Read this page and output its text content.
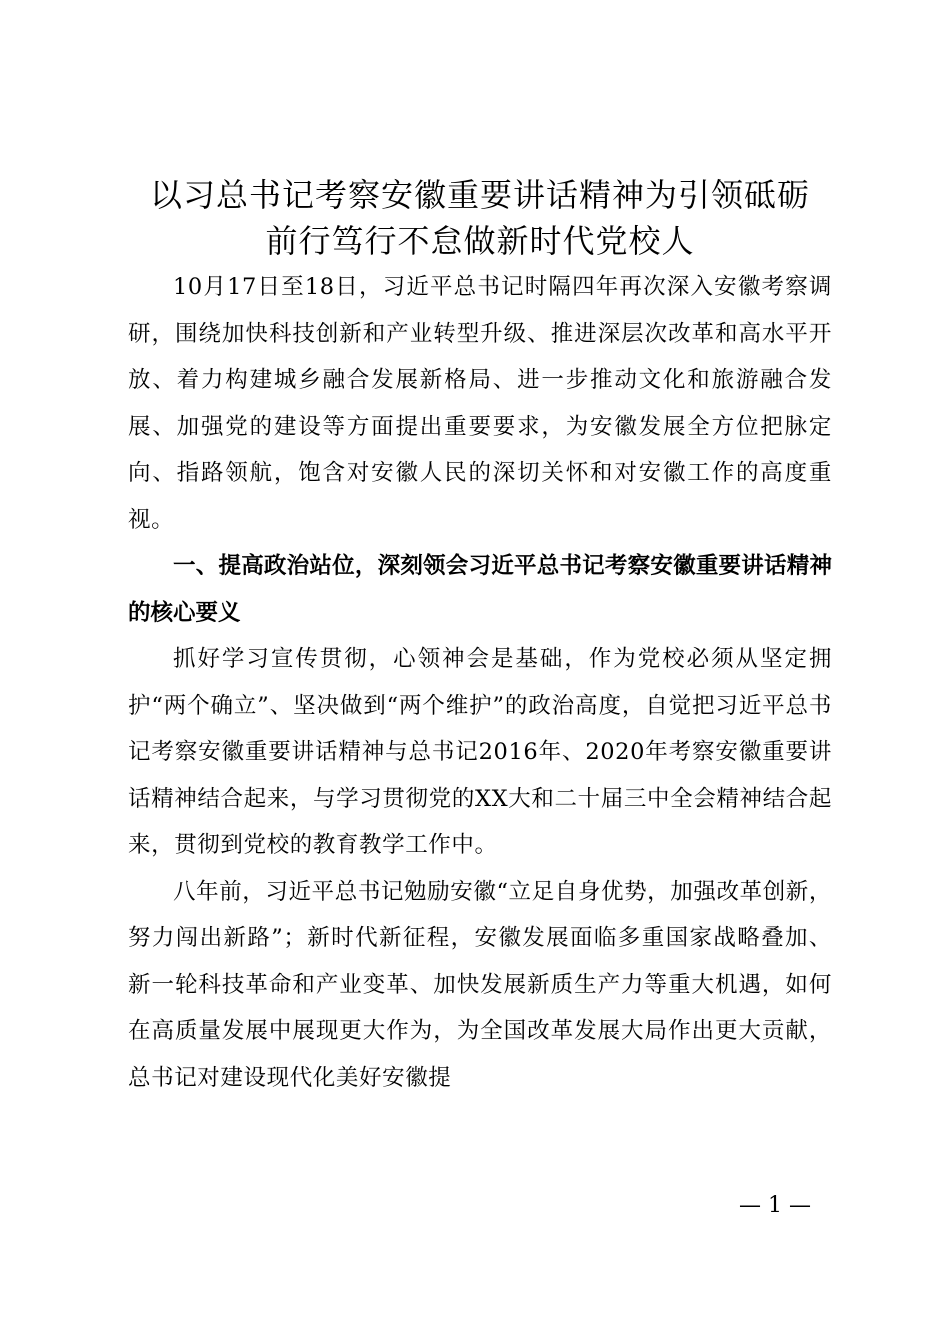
以习总书记考察安徽重要讲话精神为引领砥砺
前行笃行不怠做新时代党校人

10月17日至18日，习近平总书记时隔四年再次深入安徽考察调研，围绕加快科技创新和产业转型升级、推进深层次改革和高水平开放、着力构建城乡融合发展新格局、进一步推动文化和旅游融合发展、加强党的建设等方面提出重要要求，为安徽发展全方位把脉定向、指路领航，饱含对安徽人民的深切关怀和对安徽工作的高度重视。

一、提高政治站位，深刻领会习近平总书记考察安徽重要讲话精神的核心要义

抓好学习宣传贯彻，心领神会是基础，作为党校必须从坚定拥护“两个确立”、坚决做到“两个维护”的政治高度，自觉把习近平总书记考察安徽重要讲话精神与总书记2016年、2020年考察安徽重要讲话精神结合起来，与学习贯彻党的XX大和二十届三中全会精神结合起来，贯彻到党校的教育教学工作中。

八年前，习近平总书记勉励安徽“立足自身优势，加强改革创新，努力闯出新路”；新时代新征程，安徽发展面临多重国家战略叠加、新一轮科技革命和产业变革、加快发展新质生产力等重大机遇，如何在高质量发展中展现更大作为，为全国改革发展大局作出更大贡献，总书记对建设现代化美好安徽提

— 1 —
